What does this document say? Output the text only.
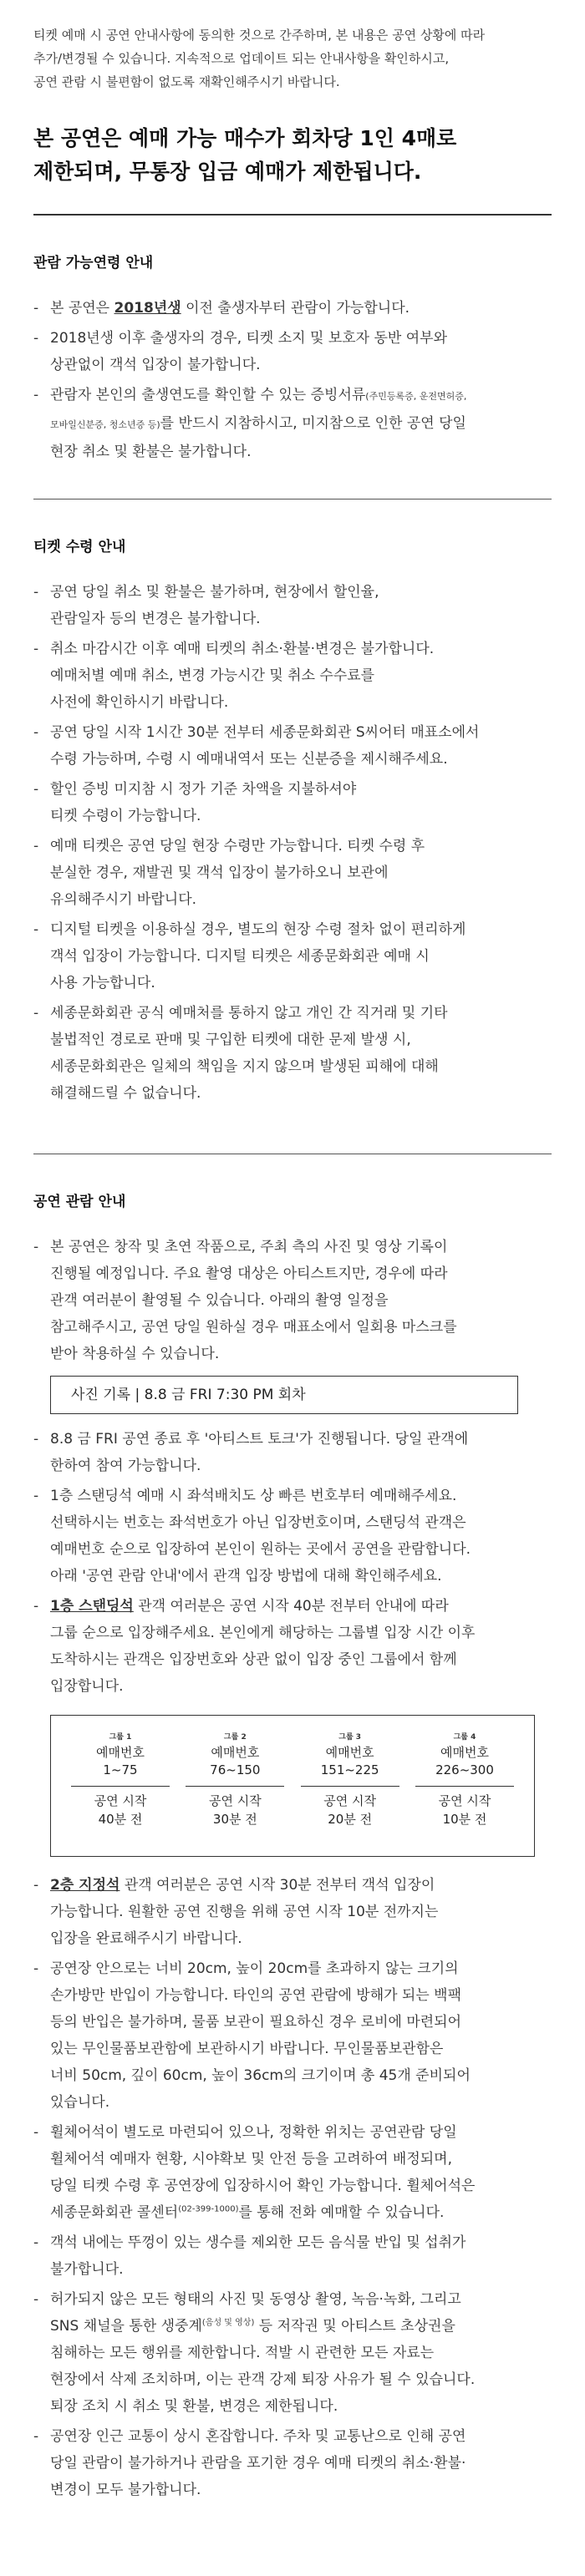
티켓 예매 시 공연 안내사항에 동의한 것으로 간주하며, 본 내용은 공연 상황에 따라
추가/변경될 수 있습니다. 지속적으로 업데이트 되는 안내사항을 확인하시고,
공연 관람 시 불편함이 없도록 재확인해주시기 바랍니다.
본 공연은 예매 가능 매수가 회차당 1인 4매로
제한되며, 무통장 입금 예매가 제한됩니다.
관람 가능연령 안내
- 본 공연은 2018년생 이전 출생자부터 관람이 가능합니다.
- 2018년생 이후 출생자의 경우, 티켓 소지 및 보호자 동반 여부와
상관없이 객석 입장이 불가합니다.
- 관람자 본인의 출생연도를 확인할 수 있는 증빙서류(주민등록증, 운전면허증,
모바일신분증, 청소년증 등)를 반드시 지참하시고, 미지참으로 인한 공연 당일
현장 취소 및 환불은 불가합니다.
티켓 수령 안내
- 공연 당일 취소 및 환불은 불가하며, 현장에서 할인율,
관람일자 등의 변경은 불가합니다.
- 취소 마감시간 이후 예매 티켓의 취소·환불·변경은 불가합니다.
예매처별 예매 취소, 변경 가능시간 및 취소 수수료를
사전에 확인하시기 바랍니다.
- 공연 당일 시작 1시간 30분 전부터 세종문화회관 S씨어터 매표소에서
수령 가능하며, 수령 시 예매내역서 또는 신분증을 제시해주세요.
- 할인 증빙 미지참 시 정가 기준 차액을 지불하셔야
티켓 수령이 가능합니다.
- 예매 티켓은 공연 당일 현장 수령만 가능합니다. 티켓 수령 후
분실한 경우, 재발권 및 객석 입장이 불가하오니 보관에
유의해주시기 바랍니다.
- 디지털 티켓을 이용하실 경우, 별도의 현장 수령 절차 없이 편리하게
객석 입장이 가능합니다. 디지털 티켓은 세종문화회관 예매 시
사용 가능합니다.
- 세종문화회관 공식 예매처를 통하지 않고 개인 간 직거래 및 기타
불법적인 경로로 판매 및 구입한 티켓에 대한 문제 발생 시,
세종문화회관은 일체의 책임을 지지 않으며 발생된 피해에 대해
해결해드릴 수 없습니다.
공연 관람 안내
- 본 공연은 창작 및 초연 작품으로, 주최 측의 사진 및 영상 기록이
진행될 예정입니다. 주요 촬영 대상은 아티스트지만, 경우에 따라
관객 여러분이 촬영될 수 있습니다. 아래의 촬영 일정을
참고해주시고, 공연 당일 원하실 경우 매표소에서 일회용 마스크를
받아 착용하실 수 있습니다.
사진 기록 | 8.8 금 FRI 7:30 PM 회차
- 8.8 금 FRI 공연 종료 후 '아티스트 토크'가 진행됩니다. 당일 관객에
한하여 참여 가능합니다.
- 1층 스탠딩석 예매 시 좌석배치도 상 빠른 번호부터 예매해주세요.
선택하시는 번호는 좌석번호가 아닌 입장번호이며, 스탠딩석 관객은
예매번호 순으로 입장하여 본인이 원하는 곳에서 공연을 관람합니다.
아래 '공연 관람 안내'에서 관객 입장 방법에 대해 확인해주세요.
- 1층 스탠딩석 관객 여러분은 공연 시작 40분 전부터 안내에 따라
그룹 순으로 입장해주세요. 본인에게 해당하는 그룹별 입장 시간 이후
도착하시는 관객은 입장번호와 상관 없이 입장 중인 그룹에서 함께
입장합니다.
그룹 1
예매번호
1~75
공연 시작
40분 전
그룹 2
예매번호
76~150
공연 시작
30분 전
그룹 3
예매번호
151~225
공연 시작
20분 전
그룹 4
예매번호
226~300
공연 시작
10분 전
- 2층 지정석 관객 여러분은 공연 시작 30분 전부터 객석 입장이
가능합니다. 원활한 공연 진행을 위해 공연 시작 10분 전까지는
입장을 완료해주시기 바랍니다.
- 공연장 안으로는 너비 20cm, 높이 20cm를 초과하지 않는 크기의
손가방만 반입이 가능합니다. 타인의 공연 관람에 방해가 되는 백팩
등의 반입은 불가하며, 물품 보관이 필요하신 경우 로비에 마련되어
있는 무인물품보관함에 보관하시기 바랍니다. 무인물품보관함은
너비 50cm, 깊이 60cm, 높이 36cm의 크기이며 총 45개 준비되어
있습니다.
- 휠체어석이 별도로 마련되어 있으나, 정확한 위치는 공연관람 당일
휠체어석 예매자 현황, 시야확보 및 안전 등을 고려하여 배정되며,
당일 티켓 수령 후 공연장에 입장하시어 확인 가능합니다. 휠체어석은
세종문화회관 콜센터$^{(02-399-1000)}$를 통해 전화 예매할 수 있습니다.
- 객석 내에는 뚜껑이 있는 생수를 제외한 모든 음식물 반입 및 섭취가
불가합니다.
- 허가되지 않은 모든 형태의 사진 및 동영상 촬영, 녹음·녹화, 그리고
SNS 채널을 통한 생중계$^{(음성 및 영상)}$ 등 저작권 및 아티스트 초상권을
침해하는 모든 행위를 제한합니다. 적발 시 관련한 모든 자료는
현장에서 삭제 조치하며, 이는 관객 강제 퇴장 사유가 될 수 있습니다.
퇴장 조치 시 취소 및 환불, 변경은 제한됩니다.
- 공연장 인근 교통이 상시 혼잡합니다. 주차 및 교통난으로 인해 공연
당일 관람이 불가하거나 관람을 포기한 경우 예매 티켓의 취소·환불·
변경이 모두 불가합니다.
